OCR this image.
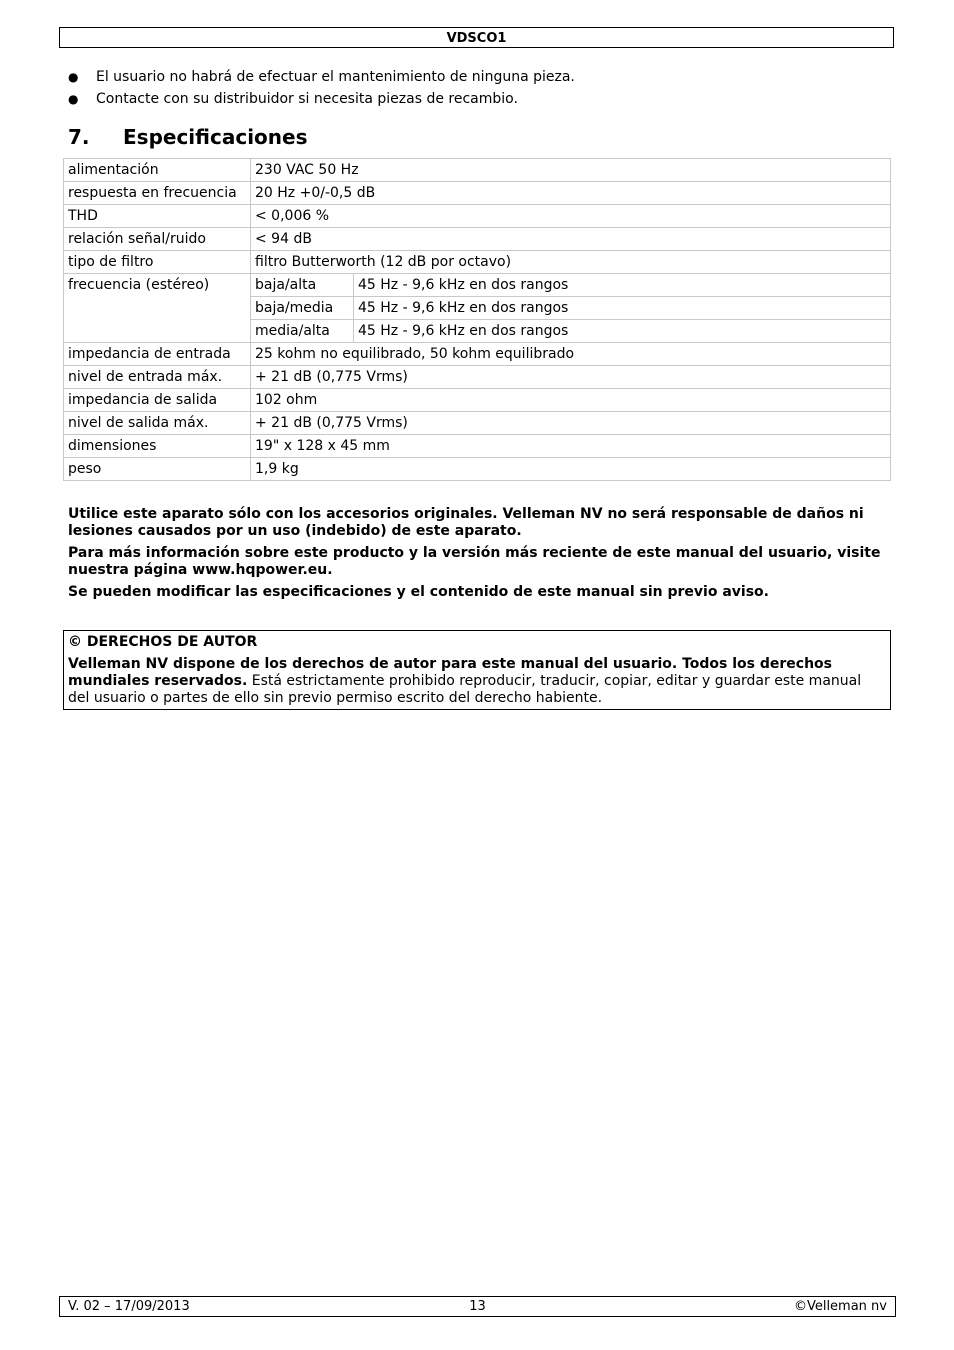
VDSCO1
● El usuario no habrá de efectuar el mantenimiento de ninguna pieza.
● Contacte con su distribuidor si necesita piezas de recambio.
7. Especificaciones
alimentación	230 VAC 50 Hz	
respuesta en frecuencia	20 Hz +0/-0,5 dB	
THD	< 0,006 %	
relación señal/ruido	< 94 dB	
tipo de filtro	filtro Butterworth (12 dB por octavo)	
frecuencia (estéreo)	baja/alta	45 Hz - 9,6 kHz en dos rangos
	baja/media	45 Hz - 9,6 kHz en dos rangos
	media/alta	45 Hz - 9,6 kHz en dos rangos
impedancia de entrada	25 kohm no equilibrado, 50 kohm equilibrado	
nivel de entrada máx.	+ 21 dB (0,775 Vrms)	
impedancia de salida	102 ohm	
nivel de salida máx.	+ 21 dB (0,775 Vrms)	
dimensiones	19" x 128 x 45 mm	
peso	1,9 kg	

Utilice este aparato sólo con los accesorios originales. Velleman NV no será responsable de daños ni lesiones causados por un uso (indebido) de este aparato.

Para más información sobre este producto y la versión más reciente de este manual del usuario, visite nuestra página www.hqpower.eu.

Se pueden modificar las especificaciones y el contenido de este manual sin previo aviso.

© DERECHOS DE AUTOR

Velleman NV dispone de los derechos de autor para este manual del usuario. Todos los derechos mundiales reservados. Está estrictamente prohibido reproducir, traducir, copiar, editar y guardar este manual del usuario o partes de ello sin previo permiso escrito del derecho habiente.

V. 02 – 17/09/2013	13	©Velleman nv
